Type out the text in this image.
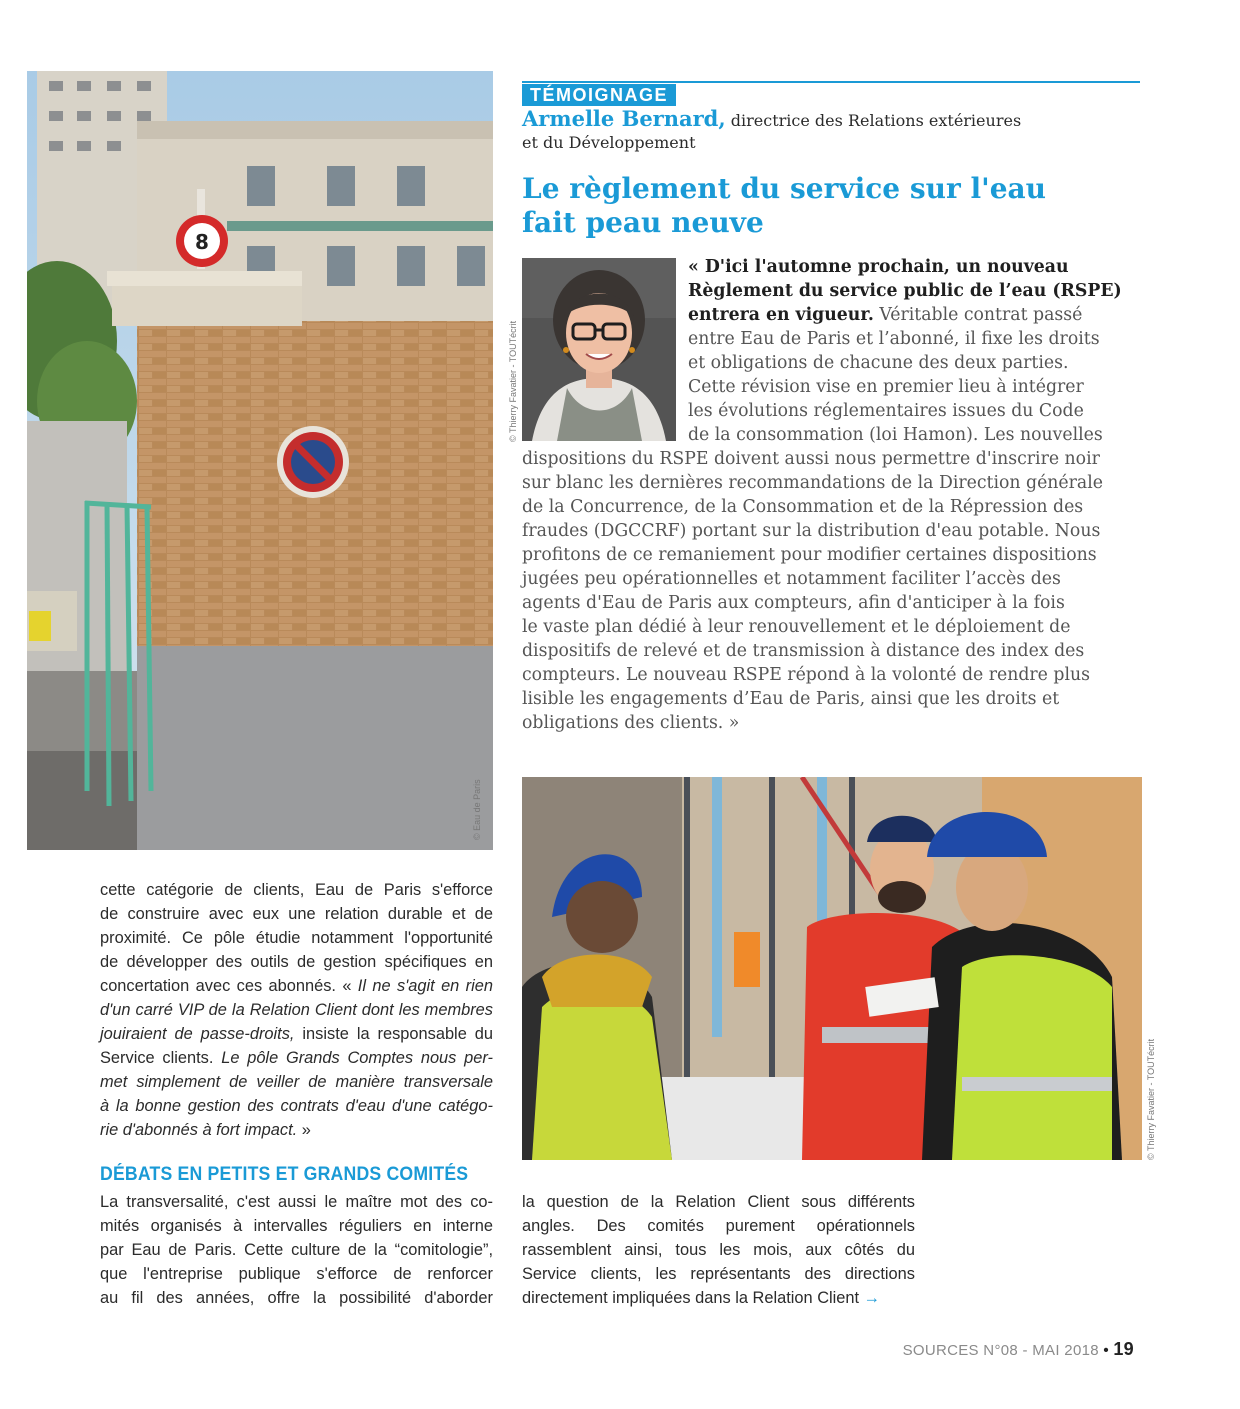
8
© Eau de Paris
TÉMOIGNAGE
Armelle Bernard, directrice des Relations extérieures
et du Développement
Le règlement du service sur l'eau
fait peau neuve
© Thierry Favatier - TOUTécrit
« D'ici l'automne prochain, un nouveau
Règlement du service public de l’eau (RSPE)
entrera en vigueur. Véritable contrat passé
entre Eau de Paris et l’abonné, il fixe les droits
et obligations de chacune des deux parties.
Cette révision vise en premier lieu à intégrer
les évolutions réglementaires issues du Code
de la consommation (loi Hamon). Les nouvelles
dispositions du RSPE doivent aussi nous permettre d'inscrire noir
sur blanc les dernières recommandations de la Direction générale
de la Concurrence, de la Consommation et de la Répression des
fraudes (DGCCRF) portant sur la distribution d'eau potable. Nous
profitons de ce remaniement pour modifier certaines dispositions
jugées peu opérationnelles et notamment faciliter l’accès des
agents d'Eau de Paris aux compteurs, afin d'anticiper à la fois
le vaste plan dédié à leur renouvellement et le déploiement de
dispositifs de relevé et de transmission à distance des index des
compteurs. Le nouveau RSPE répond à la volonté de rendre plus
lisible les engagements d’Eau de Paris, ainsi que les droits et
obligations des clients. »
© Thierry Favatier - TOUTécrit
cette catégorie de clients, Eau de Paris s'efforce
de construire avec eux une relation durable et de
proximité. Ce pôle étudie notamment l'opportunité
de développer des outils de gestion spécifiques en
concertation avec ces abonnés. « Il ne s'agit en rien
d'un carré VIP de la Relation Client dont les membres
jouiraient de passe-droits, insiste la responsable du
Service clients. Le pôle Grands Comptes nous per-
met simplement de veiller de manière transversale
à la bonne gestion des contrats d'eau d'une catégo-
rie d'abonnés à fort impact. »
La transversalité, c'est aussi le maître mot des co-
mités organisés à intervalles réguliers en interne
par Eau de Paris. Cette culture de la “comitologie”,
que l'entreprise publique s'efforce de renforcer
au fil des années, offre la possibilité d'aborder
DÉBATS EN PETITS ET GRANDS COMITÉS
la question de la Relation Client sous différents
angles. Des comités purement opérationnels
rassemblent ainsi, tous les mois, aux côtés du
Service clients, les représentants des directions
directement impliquées dans la Relation Client →
SOURCES N°08 - MAI 2018 • 19
